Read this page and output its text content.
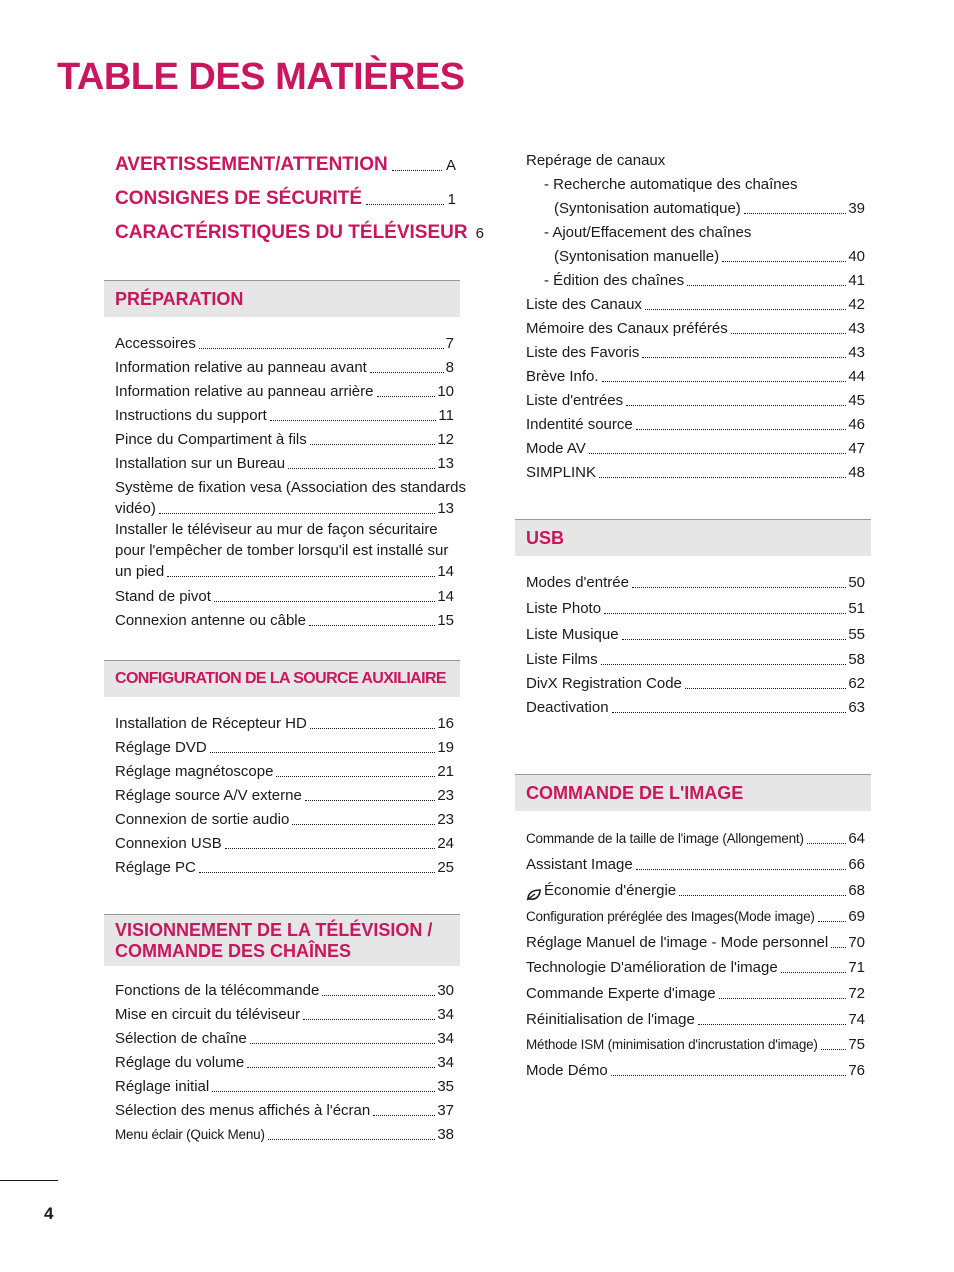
TABLE DES MATIÈRES
AVERTISSEMENT/ATTENTION	A
CONSIGNES DE SÉCURITÉ	1
CARACTÉRISTIQUES DU TÉLÉVISEUR 6
PRÉPARATION
Accessoires	7
Information relative au panneau avant	8
Information relative au panneau arrière	10
Instructions du support	11
Pince du Compartiment à fils	12
Installation sur un Bureau	13
Système de fixation vesa (Association des standards
vidéo)	13
Installer le téléviseur au mur de façon sécuritaire
pour l'empêcher de tomber lorsqu'il est installé sur
un pied	14
Stand de pivot	14
Connexion antenne ou câble	15
CONFIGURATION DE LA SOURCE AUXILIAIRE
Installation de Récepteur HD	16
Réglage DVD	19
Réglage magnétoscope	21
Réglage source A/V externe	23
Connexion de sortie audio	23
Connexion USB	24
Réglage PC	25
VISIONNEMENT DE LA TÉLÉVISION /
COMMANDE DES CHAÎNES
Fonctions de la télécommande	30
Mise en circuit du téléviseur	34
Sélection de chaîne	34
Réglage du volume	34
Réglage initial	35
Sélection des menus affichés à l'écran	37
Menu éclair (Quick Menu)	38
Repérage de canaux
- Recherche automatique des chaînes
(Syntonisation automatique)	39
- Ajout/Effacement des chaînes
(Syntonisation manuelle)	40
- Édition des chaînes	41
Liste des Canaux	42
Mémoire des Canaux préférés	43
Liste des Favoris	43
Brève Info.	44
Liste d'entrées	45
Indentité source	46
Mode AV	47
SIMPLINK	48
USB
Modes d'entrée	50
Liste Photo	51
Liste Musique	55
Liste Films	58
DivX Registration Code	62
Deactivation	63
COMMANDE DE L'IMAGE
Commande de la taille de l'image (Allongement)	64
Assistant Image	66
Économie d'énergie	68
Configuration préréglée des Images(Mode image) 69
Réglage Manuel de l'image - Mode personnel 70
Technologie D'amélioration de l'image	71
Commande Experte d'image	72
Réinitialisation de l'image	74
Méthode ISM (minimisation d'incrustation d'image) 75
Mode Démo	76
4
